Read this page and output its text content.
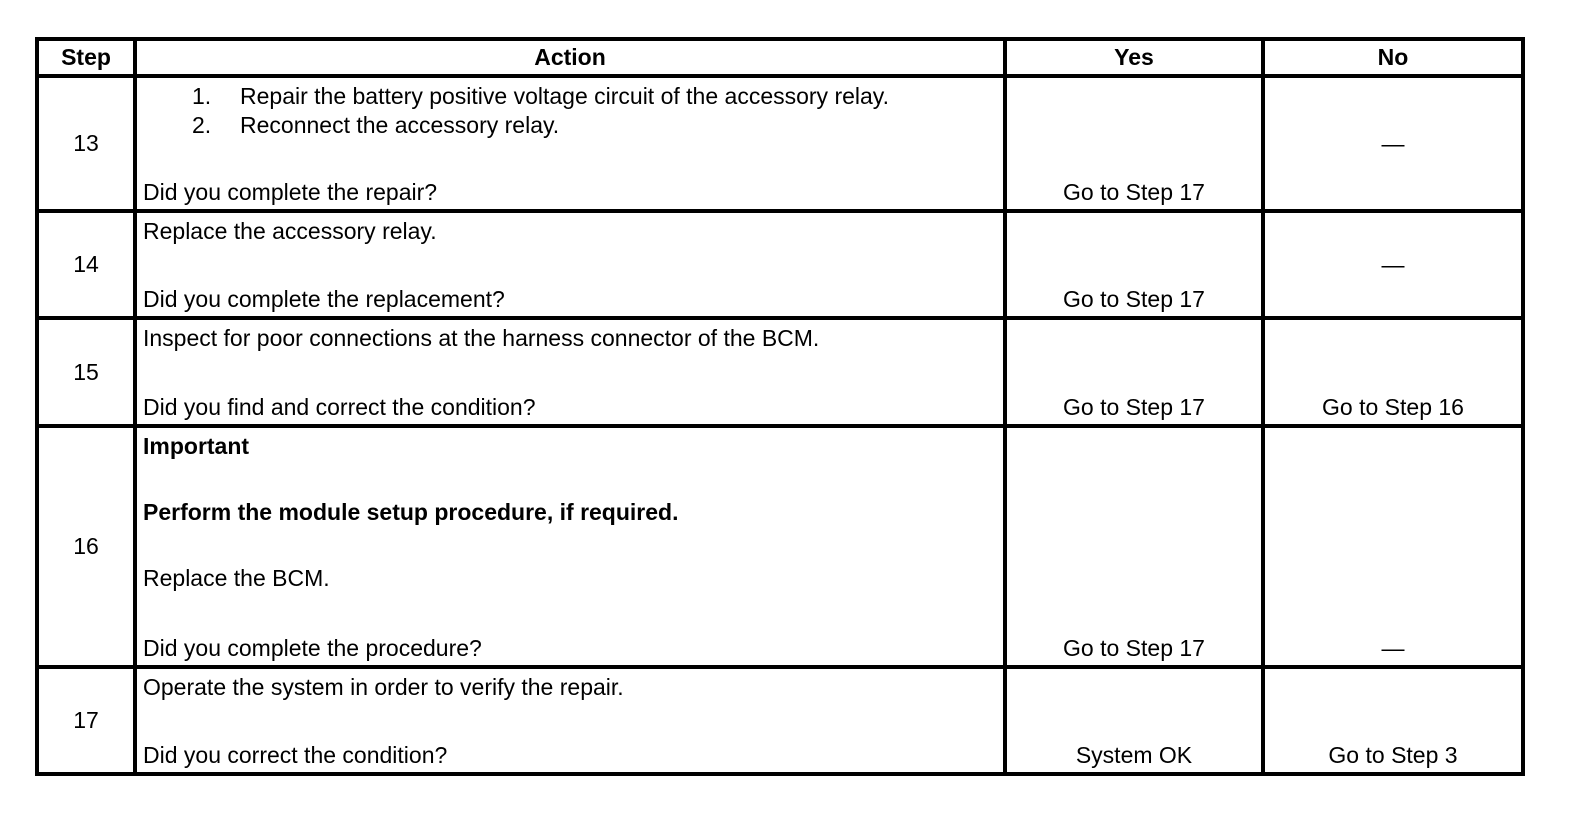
Step	Action	Yes	No
13	1. Repair the battery positive voltage circuit of the accessory relay.
2. Reconnect the accessory relay.
Did you complete the repair?	Go to Step 17	—

14	Replace the accessory relay.
Did you complete the replacement?	Go to Step 17	—

15	Inspect for poor connections at the harness connector of the BCM.
Did you find and correct the condition?	Go to Step 17	Go to Step 16

16	Important
Perform the module setup procedure, if required.
Replace the BCM.
Did you complete the procedure?	Go to Step 17	—

17	Operate the system in order to verify the repair.
Did you correct the condition?	System OK	Go to Step 3
